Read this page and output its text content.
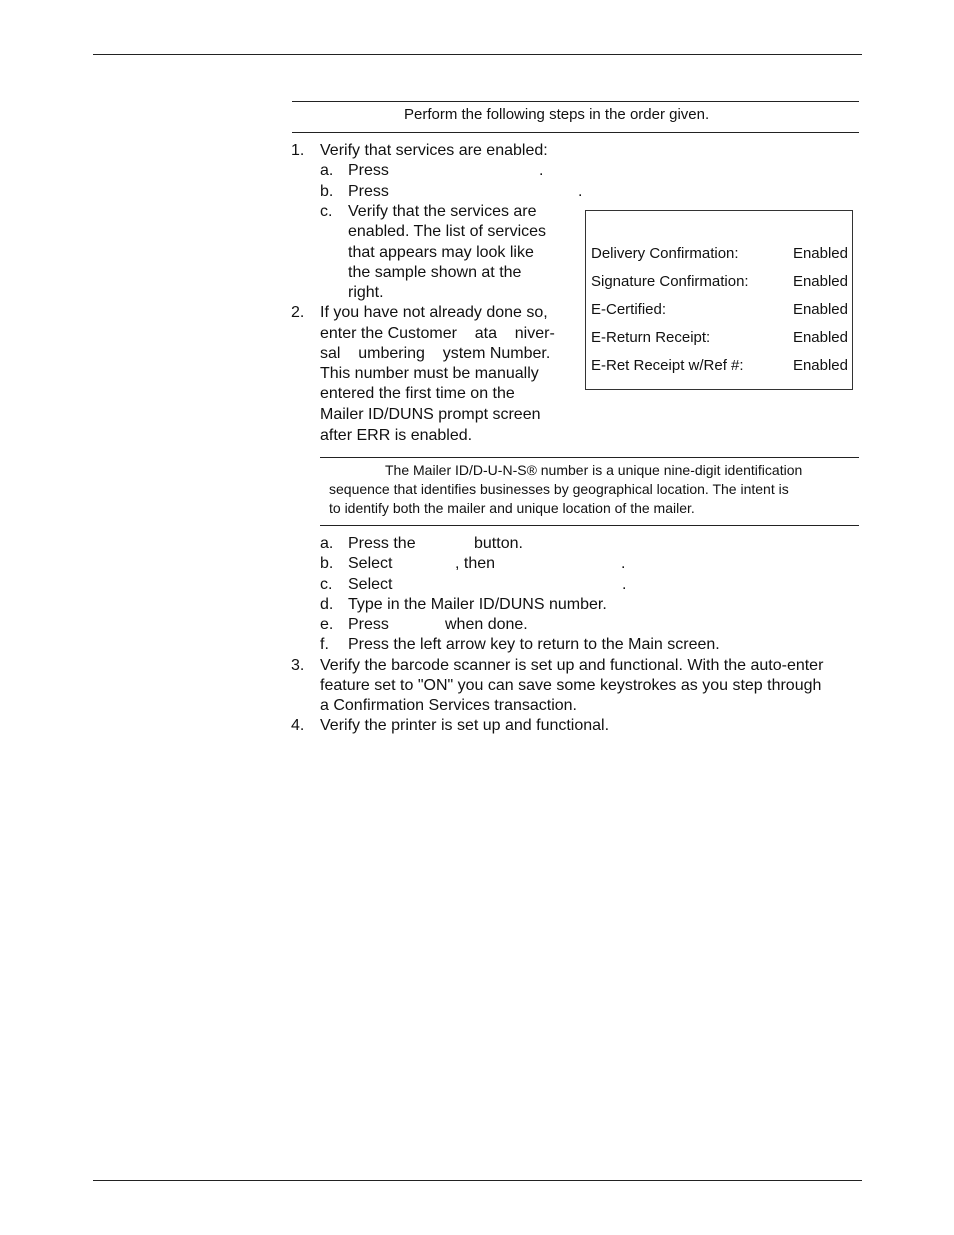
Perform the following steps in the order given.
1. Verify that services are enabled:
a. Press	.
b. Press	.
c. Verify that the services are
enabled. The list of services
that appears may look like
the sample shown at the
right.
2. If you have not already done so,
enter the Customer    ata    niver-
sal    umbering    ystem Number.
This number must be manually
entered the first time on the
Mailer ID/DUNS prompt screen
after ERR is enabled.
Delivery Confirmation:	Enabled
Signature Confirmation:	Enabled
E-Certified:	Enabled
E-Return Receipt:	Enabled
E-Ret Receipt w/Ref #:	Enabled
The Mailer ID/D-U-N-S® number is a unique nine-digit identification
sequence that identifies businesses by geographical location. The intent is
to identify both the mailer and unique location of the mailer.
a. Press the	button.
b. Select	, then	.
c. Select	.
d. Type in the Mailer ID/DUNS number.
e. Press	when done.
f. Press the left arrow key to return to the Main screen.
3. Verify the barcode scanner is set up and functional. With the auto-enter
feature set to "ON" you can save some keystrokes as you step through
a Confirmation Services transaction.
4. Verify the printer is set up and functional.
